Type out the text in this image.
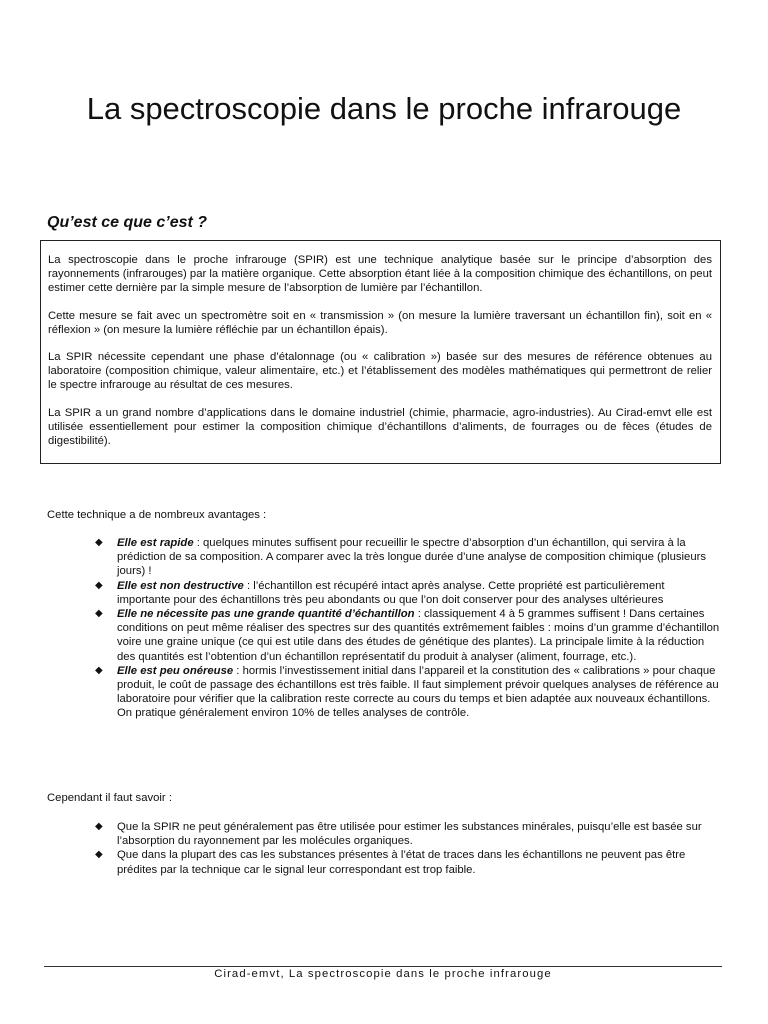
La spectroscopie dans le proche infrarouge
Qu’est ce que c’est ?

La spectroscopie dans le proche infrarouge (SPIR) est une technique analytique basée sur le principe d’absorption des rayonnements (infrarouges) par la matière organique. Cette absorption étant liée à la composition chimique des échantillons, on peut estimer cette dernière par la simple mesure de l’absorption de lumière par l’échantillon.

Cette mesure se fait avec un spectromètre soit en « transmission » (on mesure la lumière traversant un échantillon fin), soit en « réflexion » (on mesure la lumière réfléchie par un échantillon épais).

La SPIR nécessite cependant une phase d’étalonnage (ou « calibration ») basée sur des mesures de référence obtenues au laboratoire (composition chimique, valeur alimentaire, etc.) et l’établissement des modèles mathématiques qui permettront de relier le spectre infrarouge au résultat de ces mesures.

La SPIR a un grand nombre d’applications dans le domaine industriel (chimie, pharmacie, agro-industries). Au Cirad-emvt elle est utilisée essentiellement pour estimer la composition chimique d’échantillons d’aliments, de fourrages ou de fèces (études de digestibilité).

Cette technique a de nombreux avantages :
◆ Elle est rapide : quelques minutes suffisent pour recueillir le spectre d’absorption d’un échantillon, qui servira à la prédiction de sa composition. A comparer avec la très longue durée d’une analyse de composition chimique (plusieurs jours) !
◆ Elle est non destructive : l’échantillon est récupéré intact après analyse. Cette propriété est particulièrement importante pour des échantillons très peu abondants ou que l’on doit conserver pour des analyses ultérieures
◆ Elle ne nécessite pas une grande quantité d’échantillon : classiquement 4 à 5 grammes suffisent ! Dans certaines conditions on peut même réaliser des spectres sur des quantités extrêmement faibles : moins d’un gramme d’échantillon voire une graine unique (ce qui est utile dans des études de génétique des plantes). La principale limite à la réduction des quantités est l’obtention d’un échantillon représentatif du produit à analyser (aliment, fourrage, etc.).
◆ Elle est peu onéreuse : hormis l’investissement initial dans l’appareil et la constitution des « calibrations » pour chaque produit, le coût de passage des échantillons est très faible. Il faut simplement prévoir quelques analyses de référence au laboratoire pour vérifier que la calibration reste correcte au cours du temps et bien adaptée aux nouveaux échantillons. On pratique généralement environ 10% de telles analyses de contrôle.
Cependant il faut savoir :
◆ Que la SPIR ne peut généralement pas être utilisée pour estimer les substances minérales, puisqu’elle est basée sur l’absorption du rayonnement par les molécules organiques.
◆ Que dans la plupart des cas les substances présentes à l’état de traces dans les échantillons ne peuvent pas être prédites par la technique car le signal leur correspondant est trop faible.
Cirad-emvt, La spectroscopie dans le proche infrarouge
